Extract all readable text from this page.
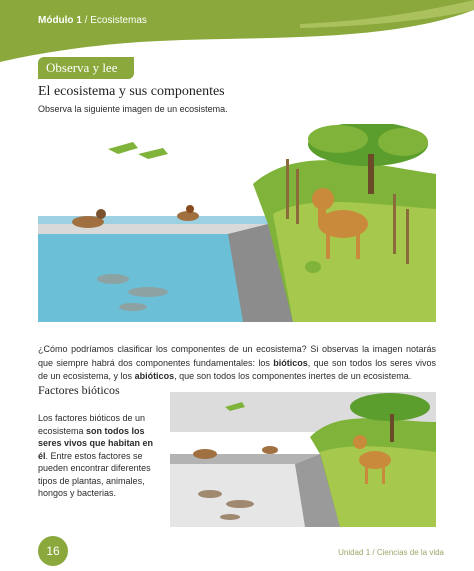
Módulo 1 / Ecosistemas
Observa y lee
El ecosistema y sus componentes
Observa la siguiente imagen de un ecosistema.

¿Cómo podríamos clasificar los componentes de un ecosistema? Si observas la imagen notarás que siempre habrá dos componentes fundamentales: los bióticos, que son todos los seres vivos de un ecosistema, y los abióticos, que son todos los componentes inertes de un ecosistema.

Factores bióticos

Los factores bióticos de un ecosistema son todos los seres vivos que habitan en él. Entre estos factores se pueden encontrar diferentes tipos de plantas, animales, hongos y bacterias.

16	Unidad 1 / Ciencias de la vida
